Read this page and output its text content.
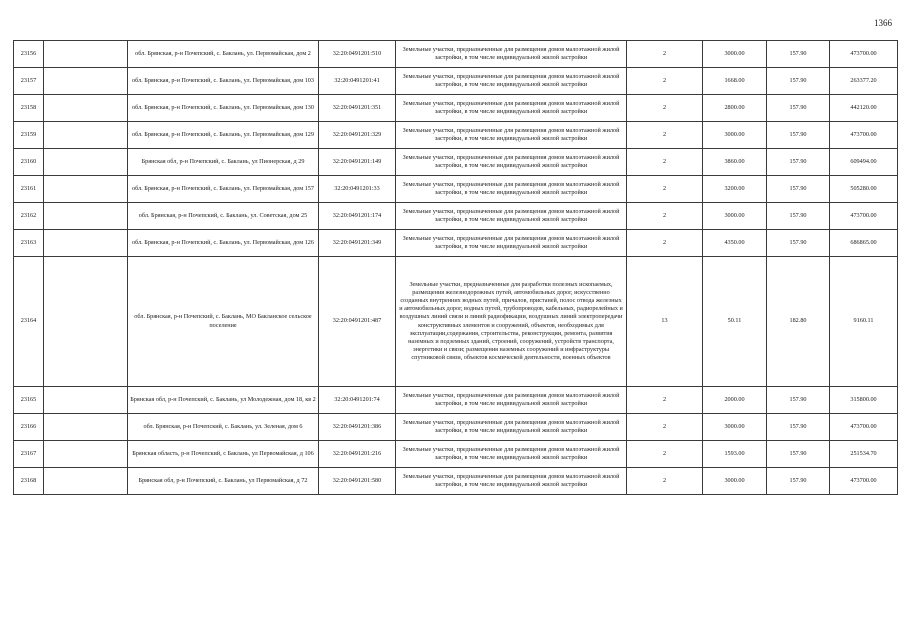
1366
23156		обл. Брянская, р-н Почепский, с. Баклань, ул. Первомайская, дом 2	32:20:0491201:510	Земельные участки, предназначенные для размещения домов малоэтажной жилой застройки, в том числе индивидуальной жилой застройки	2	3000.00	157.90	473700.00
23157		обл. Брянская, р-н Почепский, с. Баклань, ул. Первомайская, дом 103	32:20:0491201:41	Земельные участки, предназначенные для размещения домов малоэтажной жилой застройки, в том числе индивидуальной жилой застройки	2	1668.00	157.90	263377.20
23158		обл. Брянская, р-н Почепский, с. Баклань, ул. Первомайская, дом 130	32:20:0491201:351	Земельные участки, предназначенные для размещения домов малоэтажной жилой застройки, в том числе индивидуальной жилой застройки	2	2800.00	157.90	442120.00
23159		обл. Брянская, р-н Почепский, с. Баклань, ул. Первомайская, дом 129	32:20:0491201:329	Земельные участки, предназначенные для размещения домов малоэтажной жилой застройки, в том числе индивидуальной жилой застройки	2	3000.00	157.90	473700.00
23160		Брянская обл, р-н Почепский, с. Баклань, ул Пионерская, д 29	32:20:0491201:149	Земельные участки, предназначенные для размещения домов малоэтажной жилой застройки, в том числе индивидуальной жилой застройки	2	3860.00	157.90	609494.00
23161		обл. Брянская, р-н Почепский, с. Баклань, ул. Первомайская, дом 157	32:20:0491201:33	Земельные участки, предназначенные для размещения домов малоэтажной жилой застройки, в том числе индивидуальной жилой застройки	2	3200.00	157.90	505280.00
23162		обл. Брянская, р-н Почепский, с. Баклань, ул. Советская, дом 25	32:20:0491201:174	Земельные участки, предназначенные для размещения домов малоэтажной жилой застройки, в том числе индивидуальной жилой застройки	2	3000.00	157.90	473700.00
23163		обл. Брянская, р-н Почепский, с. Баклань, ул. Первомайская, дом 126	32:20:0491201:349	Земельные участки, предназначенные для размещения домов малоэтажной жилой застройки, в том числе индивидуальной жилой застройки	2	4350.00	157.90	686865.00
23164		обл. Брянская, р-н Почепский, с. Баклань, МО Бакланское сельское поселение	32:20:0491201:487	Земельные участки, предназначенные для разработки полезных ископаемых, размещения железнодорожных путей, автомобильных дорог, искусственно созданных внутренних водных путей, причалов, пристаней, полос отвода железных и автомобильных дорог, водных путей, трубопроводов, кабельных, радиорелейных и воздушных линий связи и линий радиофикации, воздушных линий электропередачи конструктивных элементов и сооружений, объектов, необходимых для эксплуатации,содержания, строительства, реконструкции, ремонта, развития наземных и подземных зданий, строений, сооружений, устройств транспорта, энергетики и связи; размещения наземных сооружений и инфраструктуры спутниковой связи, объектов космической деятельности, военных объектов	13	50.11	182.80	9160.11
23165		Брянская обл, р-н Почепский, с. Баклань, ул Молодежная, дом 18, кв 2	32:20:0491201:74	Земельные участки, предназначенные для размещения домов малоэтажной жилой застройки, в том числе индивидуальной жилой застройки	2	2000.00	157.90	315800.00
23166		обл. Брянская, р-н Почепский, с. Баклань, ул. Зеленая, дом 6	32:20:0491201:386	Земельные участки, предназначенные для размещения домов малоэтажной жилой застройки, в том числе индивидуальной жилой застройки	2	3000.00	157.90	473700.00
23167		Брянская область, р-н Почепский, с Баклань, ул Первомайская, д 106	32:20:0491201:216	Земельные участки, предназначенные для размещения домов малоэтажной жилой застройки, в том числе индивидуальной жилой застройки	2	1593.00	157.90	251534.70
23168		Брянская обл, р-н Почепский, с. Баклань, ул Первомайская, д 72	32:20:0491201:580	Земельные участки, предназначенные для размещения домов малоэтажной жилой застройки, в том числе индивидуальной жилой застройки	2	3000.00	157.90	473700.00
